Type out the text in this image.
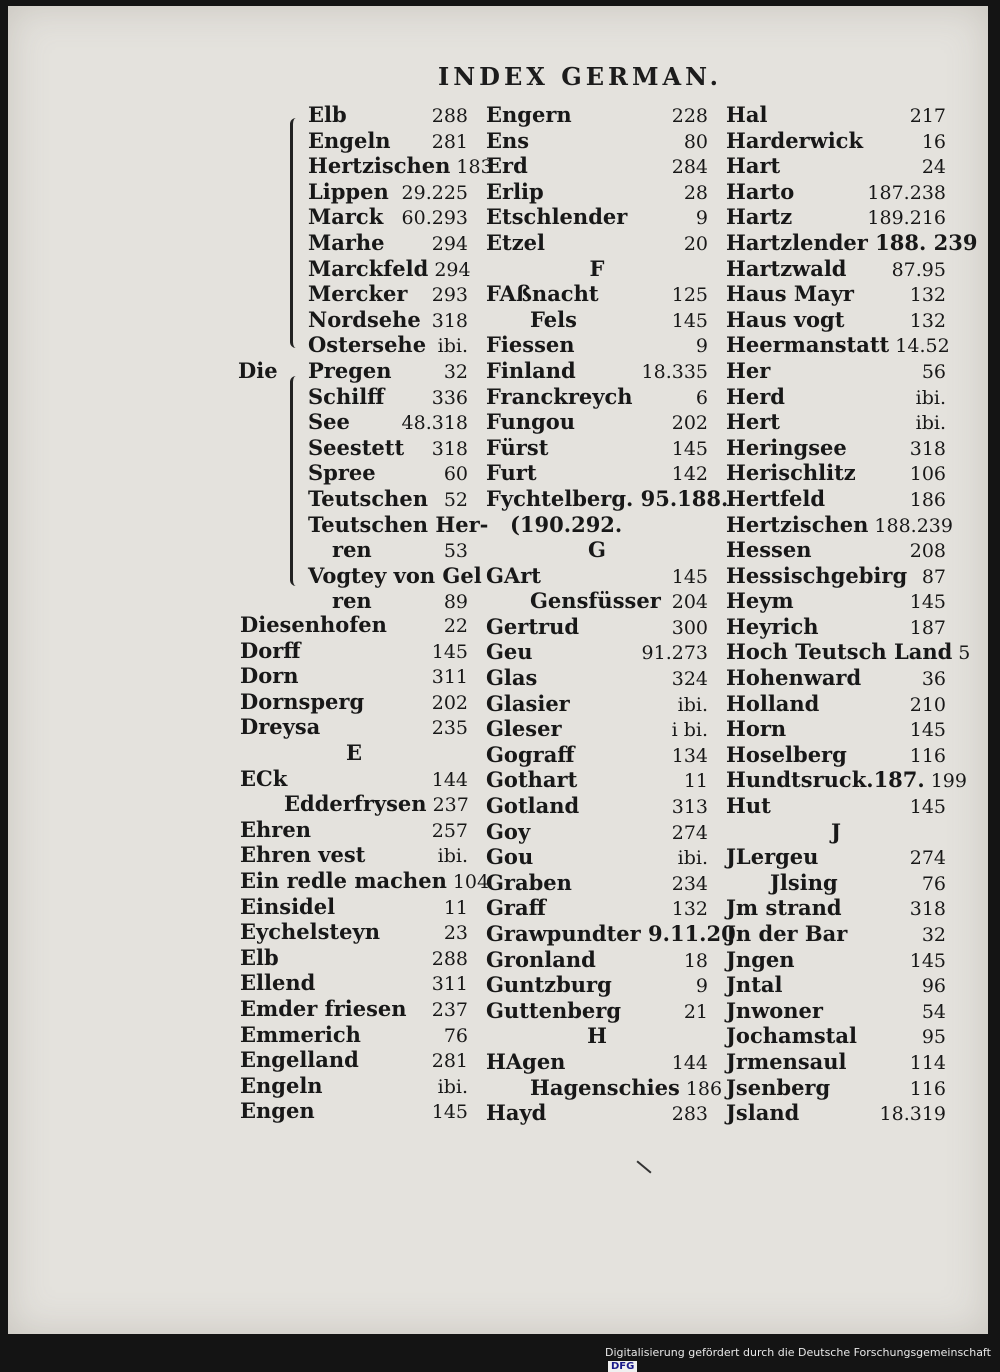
INDEX GERMAN.
Die
Elb	288
Engeln	281
Hertzischen 183
Lippen 29.225
Marck 60.293
Marhe	294
Marckfeld 294
Mercker	293
Nordsehe 318
Ostersehe ibi.
Pregen	32
Schilff	336
See	48.318
Seestett	318
Spree	60
Teutschen 52
Teutschen Her-
ren	53
Vogtey von Gel
ren	89
Diesenhofen	22
Dorff	145
Dorn	311
Dornsperg	202
Dreysa	235
E
ECk	144
Edderfrysen 237
Ehren	257
Ehren vest	ibi.
Ein redle machen 104
Einsidel	11
Eychelsteyn	23
Elb	288
Ellend	311
Emder friesen	237
Emmerich	76
Engelland	281
Engeln	ibi.
Engen	145
Engern	228
Ens	80
Erd	284
Erlip	28
Etschlender	9
Etzel	20
F
FAßnacht	125
Fels	145
Fiessen	9
Finland	18.335
Franckreych	6
Fungou	202
Fürst	145
Furt	142
Fychtelberg. 95.188.
(190.292.
G
GArt	145
Gensfüsser 204
Gertrud	300
Geu	91.273
Glas	324
Glasier	ibi.
Gleser	i bi.
Gograff	134
Gothart	11
Gotland	313
Goy	274
Gou	ibi.
Graben	234
Graff	132
Grawpundter 9.11.20
Gronland	18
Guntzburg	9
Guttenberg	21
H
HAgen	144
Hagenschies 186
Hayd	283
Hal	217
Harderwick	16
Hart	24
Harto	187.238
Hartz	189.216
Hartzlender 188. 239
Hartzwald	87.95
Haus Mayr	132
Haus vogt	132
Heermanstatt 14.52
Her	56
Herd	ibi.
Hert	ibi.
Heringsee	318
Herischlitz	106
Hertfeld	186
Hertzischen 188.239
Hessen	208
Hessischgebirg 87
Heym	145
Heyrich	187
Hoch Teutsch Land 5
Hohenward	36
Holland	210
Horn	145
Hoselberg	116
Hundtsruck.187. 199
Hut	145
J
JLergeu	274
Jlsing	76
Jm strand	318
Jn der Bar	32
Jngen	145
Jntal	96
Jnwoner	54
Jochamstal	95
Jrmensaul	114
Jsenberg	116
Jsland	18.319
Digitalisierung gefördert durch die Deutsche Forschungsgemeinschaft DFG
